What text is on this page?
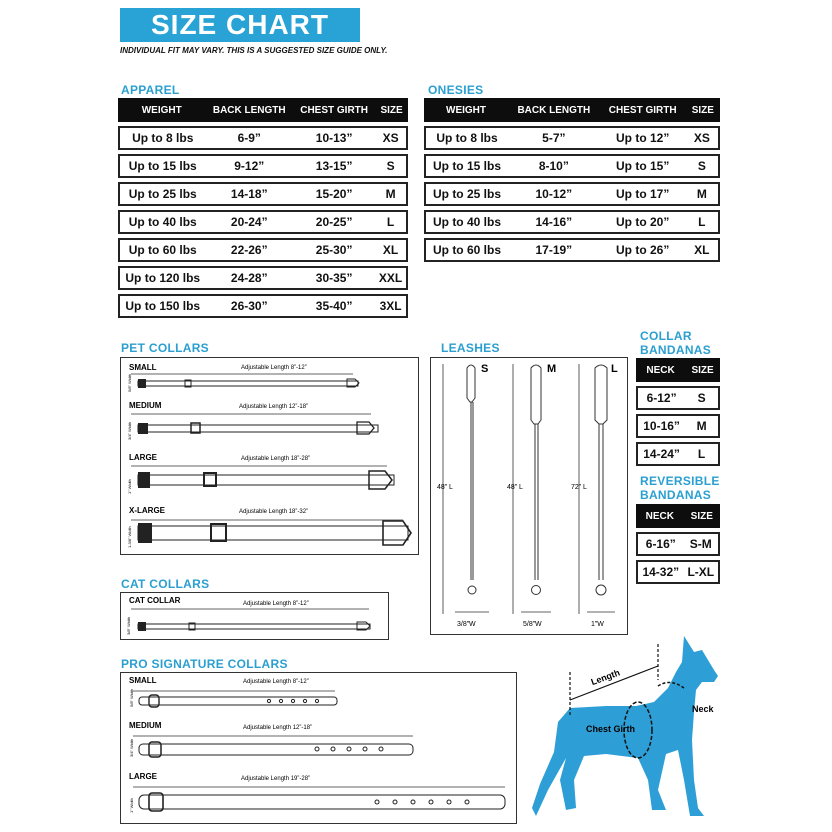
SIZE CHART
INDIVIDUAL FIT MAY VARY. THIS IS A SUGGESTED SIZE GUIDE ONLY.
APPAREL
WEIGHT	BACK LENGTH	CHEST GIRTH	SIZE
Up to 8 lbs	6-9”	10-13”	XS
Up to 15 lbs	9-12”	13-15”	S
Up to 25 lbs	14-18”	15-20”	M
Up to 40 lbs	20-24”	20-25”	L
Up to 60 lbs	22-26”	25-30”	XL
Up to 120 lbs	24-28”	30-35”	XXL
Up to 150 lbs	26-30”	35-40”	3XL
ONESIES
WEIGHT	BACK LENGTH	CHEST GIRTH	SIZE
Up to 8 lbs	5-7”	Up to 12”	XS
Up to 15 lbs	8-10”	Up to 15”	S
Up to 25 lbs	10-12”	Up to 17”	M
Up to 40 lbs	14-16”	Up to 20”	L
Up to 60 lbs	17-19”	Up to 26”	XL
PET COLLARS
SMALL	Adjustable Length 8”-12”
5/8” Width
MEDIUM	Adjustable Length 12”-18”
3/4” Width
LARGE	Adjustable Length 18”-28”
1” Width
X-LARGE	Adjustable Length 18”-32”
1-3/8” Width
CAT COLLARS
CAT COLLAR	Adjustable Length 8”-12”
3/8” Width
PRO SIGNATURE COLLARS
SMALL	Adjustable Length 8”-12”
5/8” Width
MEDIUM	Adjustable Length 12”-18”
3/4” Width
LARGE	Adjustable Length 19”-28”
1” Width
LEASHES
S
48” L
3/8”W
M
48” L
5/8”W
L
72” L
1”W
COLLAR
BANDANAS
NECK	SIZE
6-12”	S
10-16”	M
14-24”	L
REVERSIBLE
BANDANAS
NECK	SIZE
6-16”	S-M
14-32”	L-XL
Length
Chest Girth
Neck
